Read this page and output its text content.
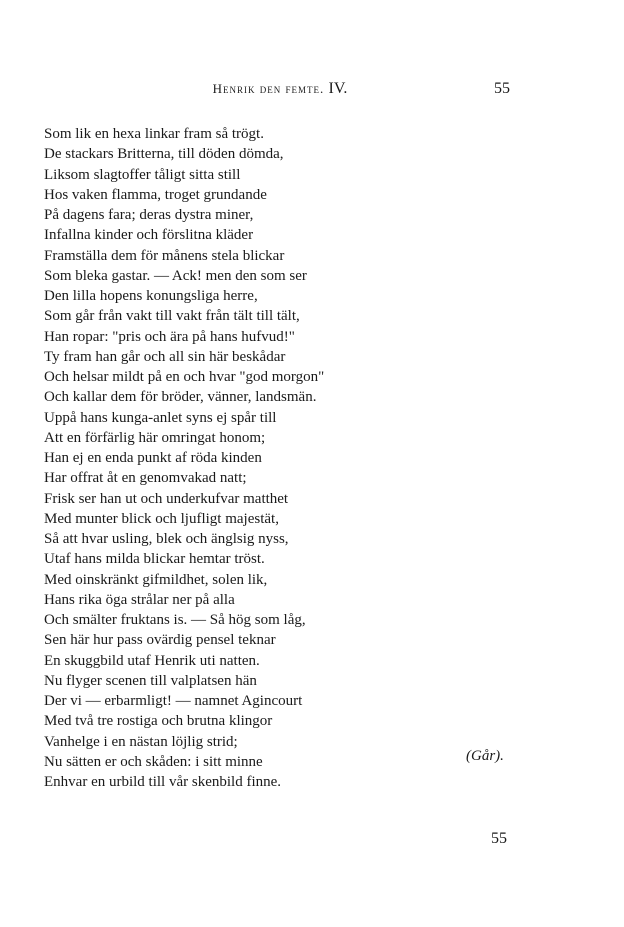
Henrik den femte. IV.	55
Som lik en hexa linkar fram så trögt.
De stackars Britterna, till döden dömda,
Liksom slagtoffer tåligt sitta still
Hos vaken flamma, troget grundande
På dagens fara; deras dystra miner,
Infallna kinder och förslitna kläder
Framställa dem för månens stela blickar
Som bleka gastar. — Ack! men den som ser
Den lilla hopens konungsliga herre,
Som går från vakt till vakt från tält till tält,
Han ropar: "pris och ära på hans hufvud!"
Ty fram han går och all sin här beskådar
Och helsar mildt på en och hvar "god morgon"
Och kallar dem för bröder, vänner, landsmän.
Uppå hans kunga-anlet syns ej spår till
Att en förfärlig här omringat honom;
Han ej en enda punkt af röda kinden
Har offrat åt en genomvakad natt;
Frisk ser han ut och underkufvar matthet
Med munter blick och ljufligt majestät,
Så att hvar usling, blek och änglsig nyss,
Utaf hans milda blickar hemtar tröst.
Med oinskränkt gifmildhet, solen lik,
Hans rika öga strålar ner på alla
Och smälter fruktans is. — Så hög som låg,
Sen här hur pass ovärdig pensel teknar
En skuggbild utaf Henrik uti natten.
Nu flyger scenen till valplatsen hän
Der vi — erbarmligt! — namnet Agincourt
Med två tre rostiga och brutna klingor
Vanhelge i en nästan löjlig strid;
Nu sätten er och skåden: i sitt minne
Enhvar en urbild till vår skenbild finne.
(Går).
55
